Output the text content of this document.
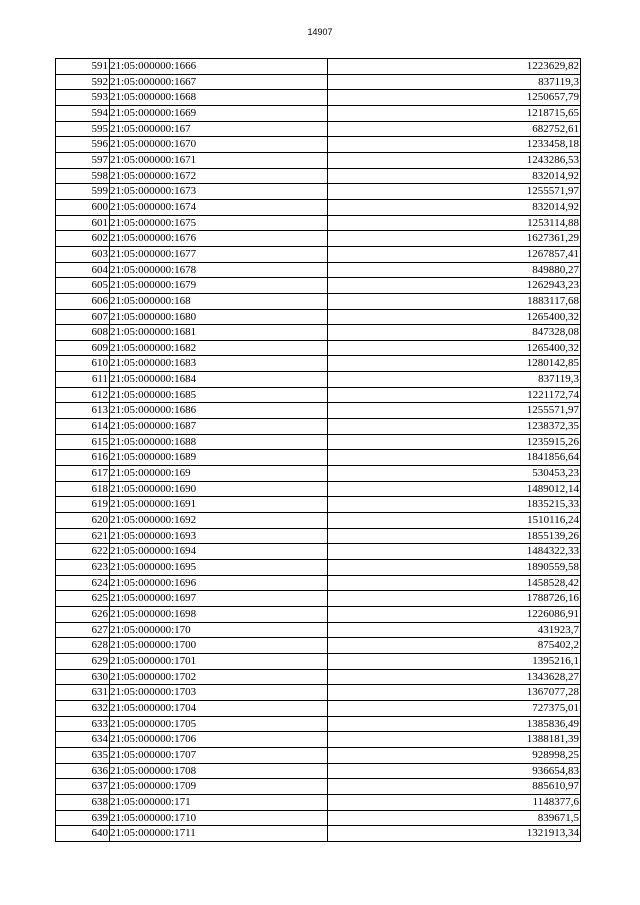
14907
591	21:05:000000:1666	1223629,82
592	21:05:000000:1667	837119,3
593	21:05:000000:1668	1250657,79
594	21:05:000000:1669	1218715,65
595	21:05:000000:167	682752,61
596	21:05:000000:1670	1233458,18
597	21:05:000000:1671	1243286,53
598	21:05:000000:1672	832014,92
599	21:05:000000:1673	1255571,97
600	21:05:000000:1674	832014,92
601	21:05:000000:1675	1253114,88
602	21:05:000000:1676	1627361,29
603	21:05:000000:1677	1267857,41
604	21:05:000000:1678	849880,27
605	21:05:000000:1679	1262943,23
606	21:05:000000:168	1883117,68
607	21:05:000000:1680	1265400,32
608	21:05:000000:1681	847328,08
609	21:05:000000:1682	1265400,32
610	21:05:000000:1683	1280142,85
611	21:05:000000:1684	837119,3
612	21:05:000000:1685	1221172,74
613	21:05:000000:1686	1255571,97
614	21:05:000000:1687	1238372,35
615	21:05:000000:1688	1235915,26
616	21:05:000000:1689	1841856,64
617	21:05:000000:169	530453,23
618	21:05:000000:1690	1489012,14
619	21:05:000000:1691	1835215,33
620	21:05:000000:1692	1510116,24
621	21:05:000000:1693	1855139,26
622	21:05:000000:1694	1484322,33
623	21:05:000000:1695	1890559,58
624	21:05:000000:1696	1458528,42
625	21:05:000000:1697	1788726,16
626	21:05:000000:1698	1226086,91
627	21:05:000000:170	431923,7
628	21:05:000000:1700	875402,2
629	21:05:000000:1701	1395216,1
630	21:05:000000:1702	1343628,27
631	21:05:000000:1703	1367077,28
632	21:05:000000:1704	727375,01
633	21:05:000000:1705	1385836,49
634	21:05:000000:1706	1388181,39
635	21:05:000000:1707	928998,25
636	21:05:000000:1708	936654,83
637	21:05:000000:1709	885610,97
638	21:05:000000:171	1148377,6
639	21:05:000000:1710	839671,5
640	21:05:000000:1711	1321913,34
